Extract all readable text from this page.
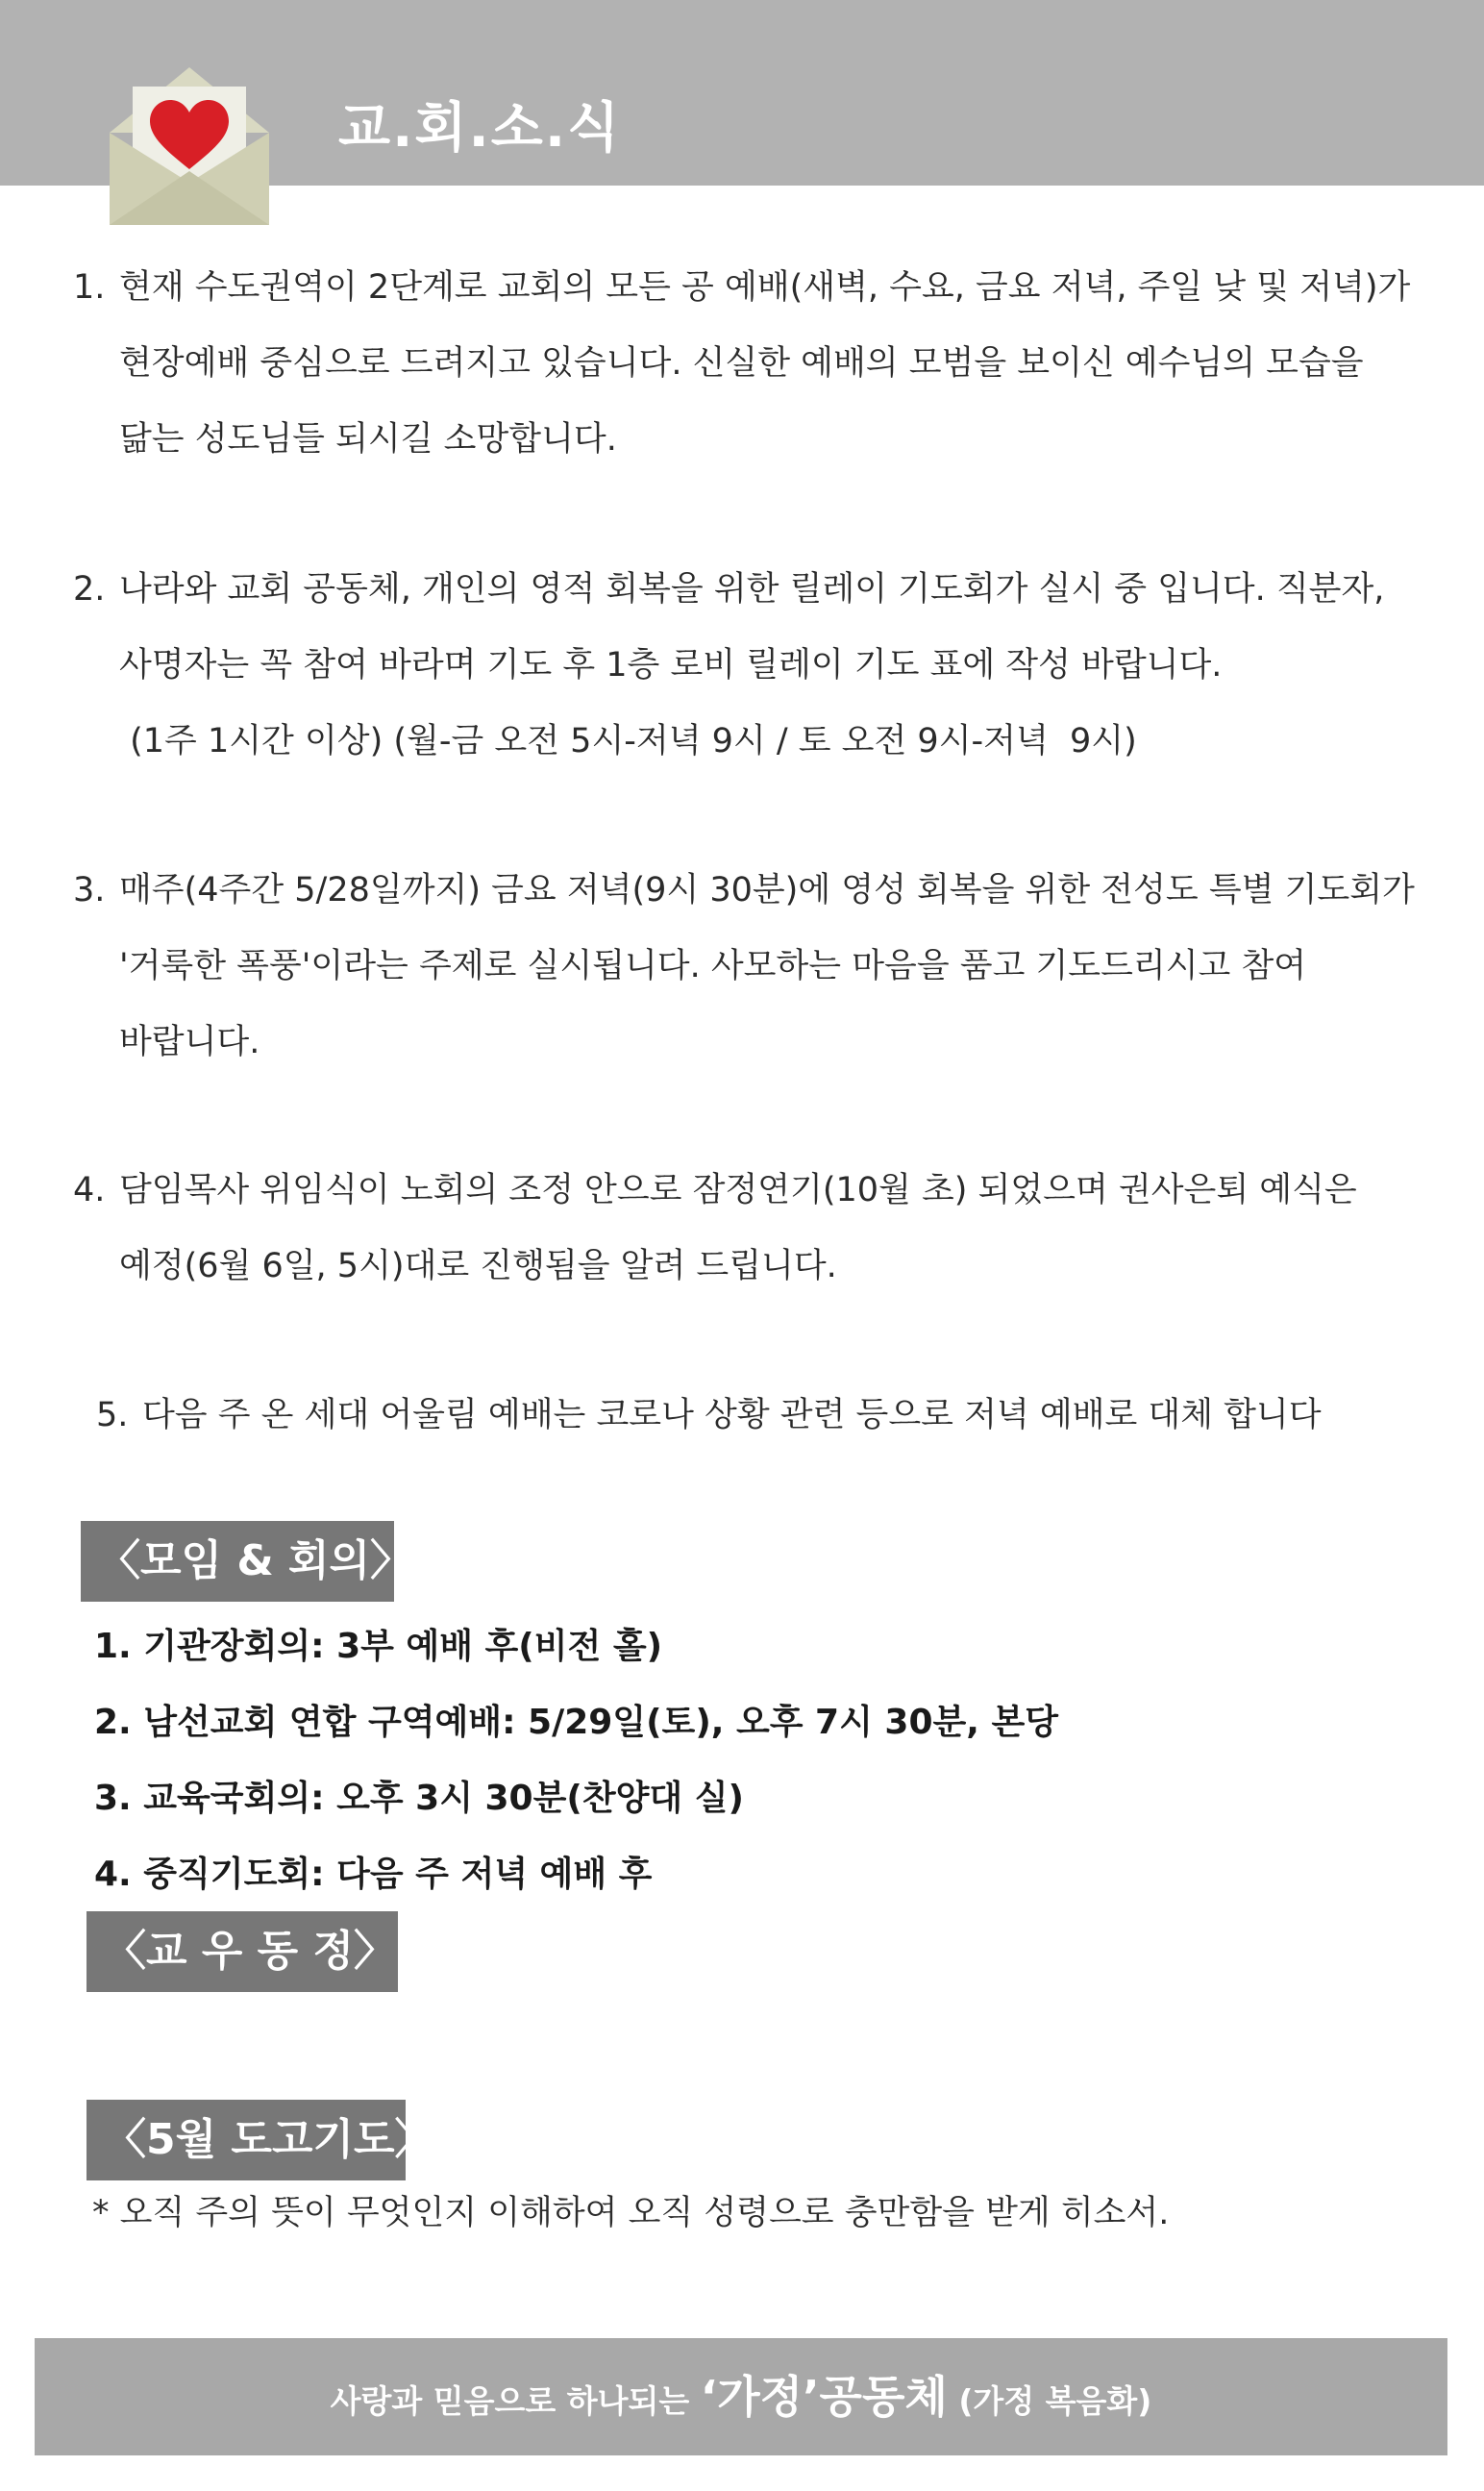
교.회.소.식
1. 현재 수도권역이 2단계로 교회의 모든 공 예배(새벽, 수요, 금요 저녁, 주일 낮 및 저녁)가
현장예배 중심으로 드려지고 있습니다. 신실한 예배의 모범을 보이신 예수님의 모습을
닮는 성도님들 되시길 소망합니다.
2. 나라와 교회 공동체, 개인의 영적 회복을 위한 릴레이 기도회가 실시 중 입니다. 직분자,
사명자는 꼭 참여 바라며 기도 후 1층 로비 릴레이 기도 표에 작성 바랍니다.
(1주 1시간 이상) (월-금 오전 5시-저녁 9시 / 토 오전 9시-저녁  9시)
3. 매주(4주간 5/28일까지) 금요 저녁(9시 30분)에 영성 회복을 위한 전성도 특별 기도회가
'거룩한 폭풍'이라는 주제로 실시됩니다. 사모하는 마음을 품고 기도드리시고 참여
바랍니다.
4. 담임목사 위임식이 노회의 조정 안으로 잠정연기(10월 초) 되었으며 권사은퇴 예식은
예정(6월 6일, 5시)대로 진행됨을 알려 드립니다.
5. 다음 주 온 세대 어울림 예배는 코로나 상황 관련 등으로 저녁 예배로 대체 합니다
〈모임 & 회의〉
1. 기관장회의: 3부 예배 후(비전 홀)
2. 남선교회 연합 구역예배: 5/29일(토), 오후 7시 30분, 본당
3. 교육국회의: 오후 3시 30분(찬양대 실)
4. 중직기도회: 다음 주 저녁 예배 후
〈교 우 동 정〉
〈5월 도고기도〉
* 오직 주의 뜻이 무엇인지 이해하여 오직 성령으로 충만함을 받게 히소서.
사랑과 믿음으로 하나되는 ‘가정’공동체 (가정 복음화)
